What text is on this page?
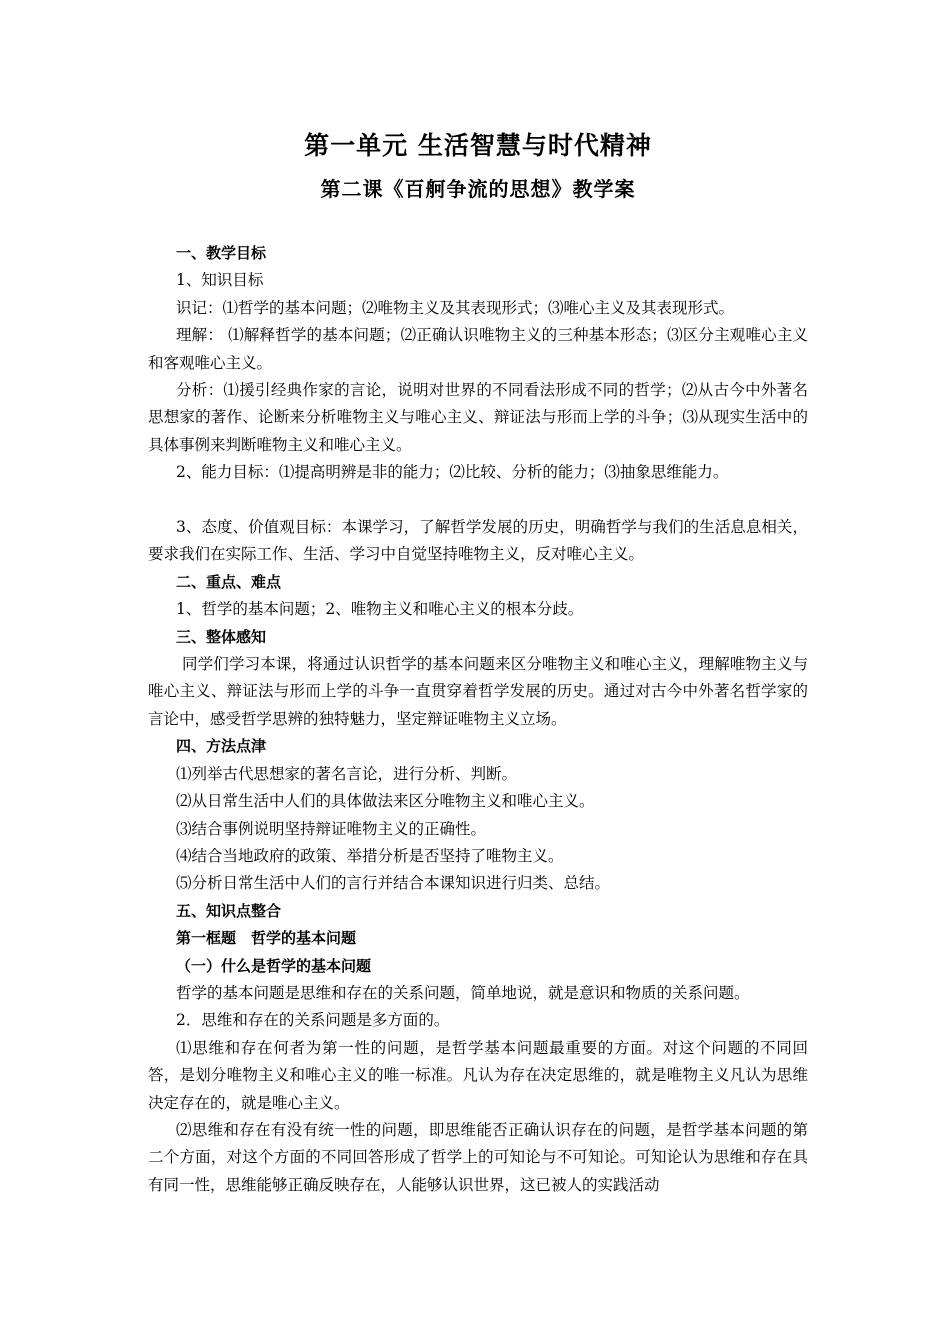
第一单元 生活智慧与时代精神
第二课《百舸争流的思想》教学案

一、教学目标

1、知识目标

识记：⑴哲学的基本问题；⑵唯物主义及其表现形式；⑶唯心主义及其表现形式。

理解： ⑴解释哲学的基本问题；⑵正确认识唯物主义的三种基本形态；⑶区分主观唯心主义和客观唯心主义。

分析：⑴援引经典作家的言论，说明对世界的不同看法形成不同的哲学；⑵从古今中外著名思想家的著作、论断来分析唯物主义与唯心主义、辩证法与形而上学的斗争；⑶从现实生活中的具体事例来判断唯物主义和唯心主义。

2、能力目标：⑴提高明辨是非的能力；⑵比较、分析的能力；⑶抽象思维能力。

3、态度、价值观目标：本课学习，了解哲学发展的历史，明确哲学与我们的生活息息相关，要求我们在实际工作、生活、学习中自觉坚持唯物主义，反对唯心主义。

二、重点、难点

1、哲学的基本问题；2、唯物主义和唯心主义的根本分歧。

三、整体感知

同学们学习本课，将通过认识哲学的基本问题来区分唯物主义和唯心主义，理解唯物主义与唯心主义、辩证法与形而上学的斗争一直贯穿着哲学发展的历史。通过对古今中外著名哲学家的言论中，感受哲学思辨的独特魅力，坚定辩证唯物主义立场。

四、方法点津

⑴列举古代思想家的著名言论，进行分析、判断。

⑵从日常生活中人们的具体做法来区分唯物主义和唯心主义。

⑶结合事例说明坚持辩证唯物主义的正确性。

⑷结合当地政府的政策、举措分析是否坚持了唯物主义。

⑸分析日常生活中人们的言行并结合本课知识进行归类、总结。

五、知识点整合

第一框题　哲学的基本问题

（一）什么是哲学的基本问题

哲学的基本问题是思维和存在的关系问题，简单地说，就是意识和物质的关系问题。

2．思维和存在的关系问题是多方面的。

⑴思维和存在何者为第一性的问题，是哲学基本问题最重要的方面。对这个问题的不同回答，是划分唯物主义和唯心主义的唯一标准。凡认为存在决定思维的，就是唯物主义凡认为思维决定存在的，就是唯心主义。

⑵思维和存在有没有统一性的问题，即思维能否正确认识存在的问题，是哲学基本问题的第二个方面，对这个方面的不同回答形成了哲学上的可知论与不可知论。可知论认为思维和存在具有同一性，思维能够正确反映存在，人能够认识世界，这已被人的实践活动
